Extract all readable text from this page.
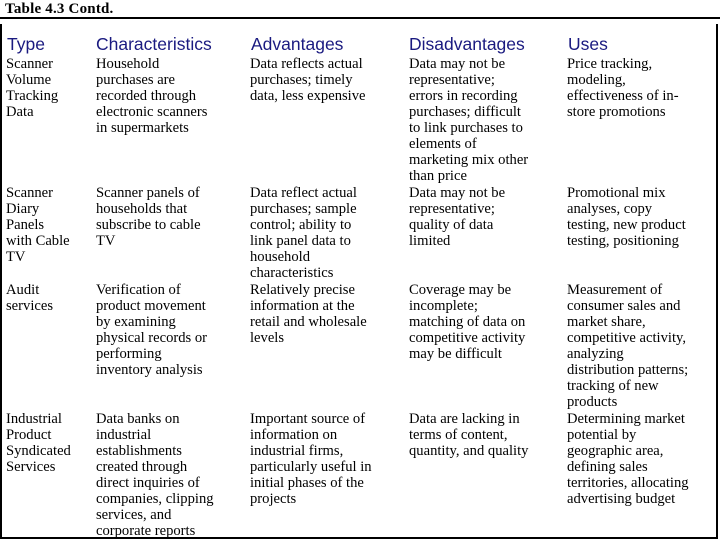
Table 4.3 Contd.
Type	Characteristics Advantages	Disadvantages Uses
Scanner
Volume
Tracking
Data
Household
purchases are
recorded through
electronic scanners
in supermarkets
Data reflects actual
purchases; timely
data, less expensive
Data may not be
representative;
errors in recording
purchases; difficult
to link purchases to
elements of
marketing mix other
than price
Price tracking,
modeling,
effectiveness of in-
store promotions
Scanner
Diary
Panels
with Cable
TV
Scanner panels of
households that
subscribe to cable
TV
Data reflect actual
purchases; sample
control; ability to
link panel data to
household
characteristics
Data may not be
representative;
quality of data
limited
Promotional mix
analyses, copy
testing, new product
testing, positioning
Audit
services
Verification of
product movement
by examining
physical records or
performing
inventory analysis
Relatively precise
information at the
retail and wholesale
levels
Coverage may be
incomplete;
matching of data on
competitive activity
may be difficult
Measurement of
consumer sales and
market share,
competitive activity,
analyzing
distribution patterns;
tracking of new
products
Industrial
Product
Syndicated
Services
Data banks on
industrial
establishments
created through
direct inquiries of
companies, clipping
services, and
corporate reports
Important source of
information on
industrial firms,
particularly useful in
initial phases of the
projects
Data are lacking in
terms of content,
quantity, and quality
Determining market
potential by
geographic area,
defining sales
territories, allocating
advertising budget
